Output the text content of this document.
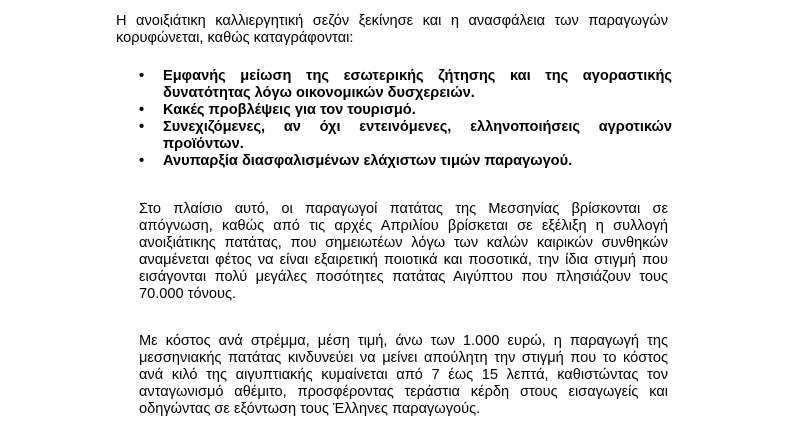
Η ανοιξιάτικη καλλιεργητική σεζόν ξεκίνησε και η ανασφάλεια των παραγωγών κορυφώνεται, καθώς καταγράφονται:

• Εμφανής μείωση της εσωτερικής ζήτησης και της αγοραστικής δυνατότητας λόγω οικονομικών δυσχερειών.
• Κακές προβλέψεις για τον τουρισμό.
• Συνεχιζόμενες, αν όχι εντεινόμενες, ελληνοποιήσεις αγροτικών προϊόντων.
• Ανυπαρξία διασφαλισμένων ελάχιστων τιμών παραγωγού.

Στο πλαίσιο αυτό, οι παραγωγοί πατάτας της Μεσσηνίας βρίσκονται σε απόγνωση, καθώς από τις αρχές Απριλίου βρίσκεται σε εξέλιξη η συλλογή ανοιξιάτικης πατάτας, που σημειωτέων λόγω των καλών καιρικών συνθηκών αναμένεται φέτος να είναι εξαιρετική ποιοτικά και ποσοτικά, την ίδια στιγμή που εισάγονται πολύ μεγάλες ποσότητες πατάτας Αιγύπτου που πλησιάζουν τους 70.000 τόνους.

Με κόστος ανά στρέμμα, μέση τιμή, άνω των 1.000 ευρώ, η παραγωγή της μεσσηνιακής πατάτας κινδυνεύει να μείνει απούλητη την στιγμή που το κόστος ανά κιλό της αιγυπτιακής κυμαίνεται από 7 έως 15 λεπτά, καθιστώντας τον ανταγωνισμό αθέμιτο, προσφέροντας τεράστια κέρδη στους εισαγωγείς και οδηγώντας σε εξόντωση τους Έλληνες παραγωγούς.
